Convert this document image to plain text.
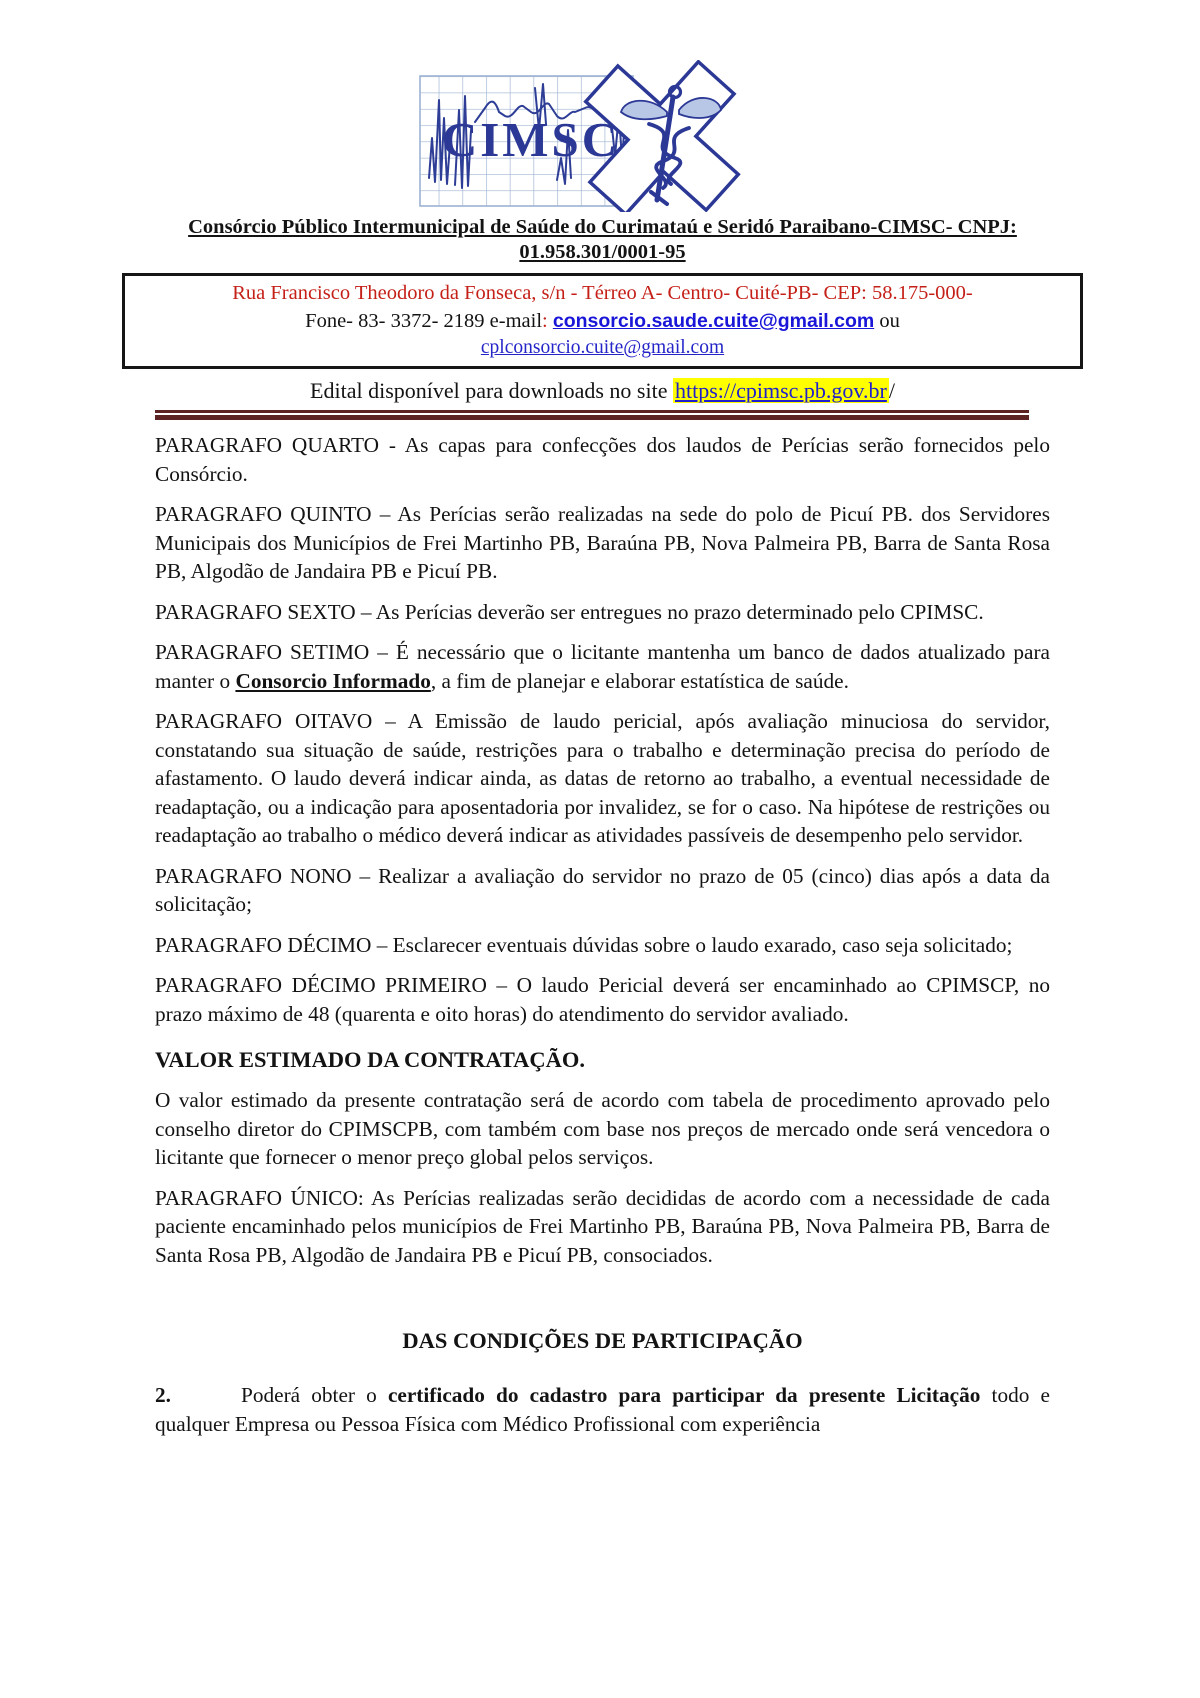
CIMSC
Consórcio Público Intermunicipal de Saúde do Curimataú e Seridó Paraibano-CIMSC- CNPJ:
01.958.301/0001-95
Rua Francisco Theodoro da Fonseca, s/n - Térreo A- Centro- Cuité-PB- CEP: 58.175-000-
Fone- 83- 3372- 2189 e-mail: consorcio.saude.cuite@gmail.com ou
cplconsorcio.cuite@gmail.com
Edital disponível para downloads no site https://cpimsc.pb.gov.br/

PARAGRAFO QUARTO - As capas para confecções dos laudos de Perícias serão fornecidos pelo Consórcio.

PARAGRAFO QUINTO – As Perícias serão realizadas na sede do polo de Picuí PB. dos Servidores Municipais dos Municípios de Frei Martinho PB, Baraúna PB, Nova Palmeira PB, Barra de Santa Rosa PB, Algodão de Jandaira PB e Picuí PB.

PARAGRAFO SEXTO – As Perícias deverão ser entregues no prazo determinado pelo CPIMSC.

PARAGRAFO SETIMO – É necessário que o licitante mantenha um banco de dados atualizado para manter o Consorcio Informado, a fim de planejar e elaborar estatística de saúde.

PARAGRAFO OITAVO – A Emissão de laudo pericial, após avaliação minuciosa do servidor, constatando sua situação de saúde, restrições para o trabalho e determinação precisa do período de afastamento. O laudo deverá indicar ainda, as datas de retorno ao trabalho, a eventual necessidade de readaptação, ou a indicação para aposentadoria por invalidez, se for o caso. Na hipótese de restrições ou readaptação ao trabalho o médico deverá indicar as atividades passíveis de desempenho pelo servidor.

PARAGRAFO NONO – Realizar a avaliação do servidor no prazo de 05 (cinco) dias após a data da solicitação;

PARAGRAFO DÉCIMO – Esclarecer eventuais dúvidas sobre o laudo exarado, caso seja solicitado;

PARAGRAFO DÉCIMO PRIMEIRO – O laudo Pericial deverá ser encaminhado ao CPIMSCP, no prazo máximo de 48 (quarenta e oito horas) do atendimento do servidor avaliado.

VALOR ESTIMADO DA CONTRATAÇÃO.

O valor estimado da presente contratação será de acordo com tabela de procedimento aprovado pelo conselho diretor do CPIMSCPB, com também com base nos preços de mercado onde será vencedora o licitante que fornecer o menor preço global pelos serviços.

PARAGRAFO ÚNICO: As Perícias realizadas serão decididas de acordo com a necessidade de cada paciente encaminhado pelos municípios de Frei Martinho PB, Baraúna PB, Nova Palmeira PB, Barra de Santa Rosa PB, Algodão de Jandaira PB e Picuí PB, consociados.

DAS CONDIÇÕES DE PARTICIPAÇÃO

2.	Poderá obter o certificado do cadastro para participar da presente Licitação todo e qualquer Empresa ou Pessoa Física com Médico Profissional com experiência
